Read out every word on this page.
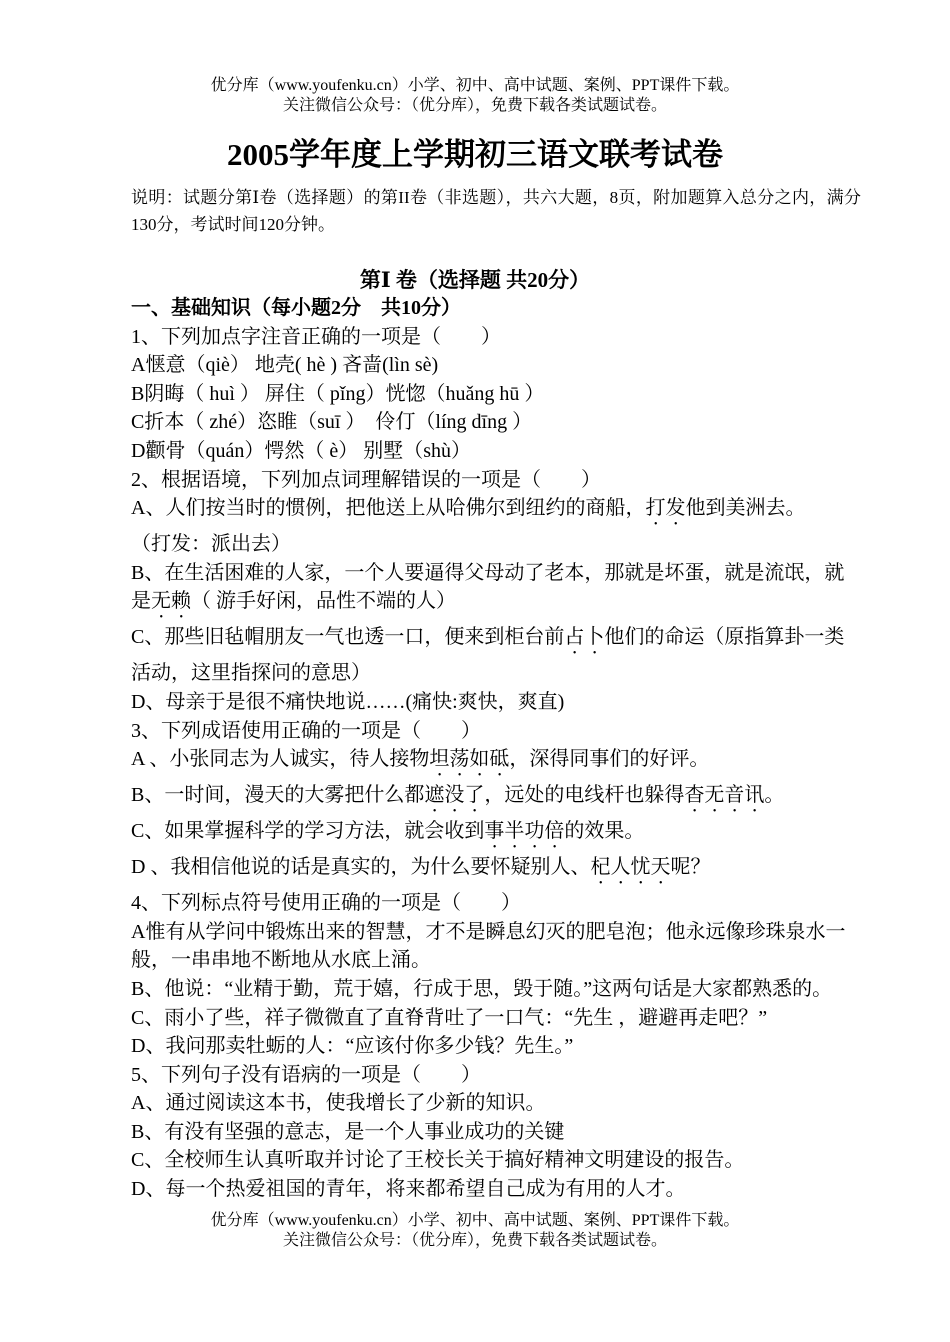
优分库（www.youfenku.cn）小学、初中、高中试题、案例、PPT课件下载。
关注微信公众号：（优分库），免费下载各类试题试卷。
2005学年度上学期初三语文联考试卷
说明：试题分第Ⅰ卷（选择题）的第II卷（非选题），共六大题，8页，附加题算入总分之内，满分130分，考试时间120分钟。
第Ⅰ 卷（选择题 共20分）
一、基础知识（每小题2分　共10分）
1、下列加点字注音正确的一项是（　　）
A惬意（qiè） 地壳( hè ) 吝啬(lìn sè)
B阴晦（ huì ） 屏住（ pǐng）恍惚（huǎng hū ）
C折本（ zhé）恣睢（suī ）　伶仃（líng dīng ）
D颧骨（quán）愕然（ è） 别墅（shù）
2、根据语境，下列加点词理解错误的一项是（　　）
A、人们按当时的惯例，把他送上从哈佛尔到纽约的商船，打发他到美洲去。
（打发：派出去）
B、在生活困难的人家，一个人要逼得父母动了老本，那就是坏蛋，就是流氓，就是无赖（ 游手好闲，品性不端的人）
C、那些旧毡帽朋友一气也透一口，便来到柜台前占卜他们的命运（原指算卦一类活动，这里指探问的意思）
D、母亲于是很不痛快地说……(痛快:爽快，爽直)
3、下列成语使用正确的一项是（　　）
A 、小张同志为人诚实，待人接物坦荡如砥，深得同事们的好评。
B、一时间，漫天的大雾把什么都遮没了，远处的电线杆也躲得杳无音讯。
C、如果掌握科学的学习方法，就会收到事半功倍的效果。
D 、我相信他说的话是真实的，为什么要怀疑别人、杞人忧天呢？
4、下列标点符号使用正确的一项是（　　）
A惟有从学问中锻炼出来的智慧，才不是瞬息幻灭的肥皂泡；他永远像珍珠泉水一般，一串串地不断地从水底上涌。
B、他说：“业精于勤，荒于嬉，行成于思，毁于随。”这两句话是大家都熟悉的。
C、雨小了些，祥子微微直了直脊背吐了一口气：“先生 ，避避再走吧？”
D、我问那卖牡蛎的人：“应该付你多少钱？先生。”
5、下列句子没有语病的一项是（　　）
A、通过阅读这本书，使我增长了少新的知识。
B、有没有坚强的意志，是一个人事业成功的关键
C、全校师生认真听取并讨论了王校长关于搞好精神文明建设的报告。
D、每一个热爱祖国的青年，将来都希望自己成为有用的人才。
优分库（www.youfenku.cn）小学、初中、高中试题、案例、PPT课件下载。
关注微信公众号：（优分库），免费下载各类试题试卷。
